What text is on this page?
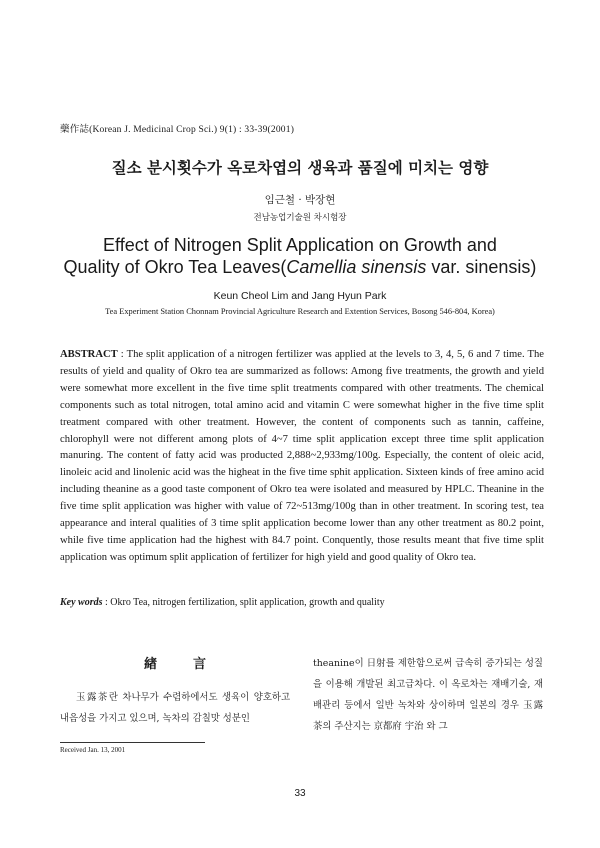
藥作誌(Korean J. Medicinal Crop Sci.) 9(1) : 33-39(2001)
질소 분시횟수가 옥로차엽의 생육과 품질에 미치는 영향
임근철 · 박장현
전남농업기술원 차시험장
Effect of Nitrogen Split Application on Growth and
Quality of Okro Tea Leaves(Camellia sinensis var. sinensis)
Keun Cheol Lim and Jang Hyun Park
Tea Experiment Station Chonnam Provincial Agriculture Research and Extention Services, Bosong 546-804, Korea)
ABSTRACT : The split application of a nitrogen fertilizer was applied at the levels to 3, 4, 5, 6 and 7 time. The results of yield and quality of Okro tea are summarized as follows: Among five treatments, the growth and yield were somewhat more excellent in the five time split treatments compared with other treatments. The chemical components such as total nitrogen, total amino acid and vitamin C were somewhat higher in the five time split treatment compared with other treatment. However, the content of components such as tannin, caffeine, chlorophyll were not different among plots of 4~7 time split application except three time split application manuring. The content of fatty acid was producted 2,888~2,933mg/100g. Especially, the content of oleic acid, linoleic acid and linolenic acid was the higheat in the five time sphit application. Sixteen kinds of free amino acid including theanine as a good taste component of Okro tea were isolated and measured by HPLC. Theanine in the five time split application was higher with value of 72~513mg/100g than in other treatment. In scoring test, tea appearance and interal qualities of 3 time split application become lower than any other treatment as 80.2 point, while five time application had the highest with 84.7 point. Conquently, those results meant that five time split application was optimum split application of fertilizer for high yield and good quality of Okro tea.
Key words : Okro Tea, nitrogen fertilization, split application, growth and quality
緖言

玉露茶란 차나무가 수렴하에서도 생육이 양호하고 내음성을 가지고 있으며, 녹차의 감칠맛 성분인

theanine이 日射를 제한함으로써 급속히 증가되는 성질을 이용해 개발된 최고급차다. 이 옥로차는 재배기술, 재배관리 등에서 일반 녹차와 상이하며 일본의 경우 玉露茶의 주산지는 京都府 宇治 와 그

Received Jan. 13, 2001
33
